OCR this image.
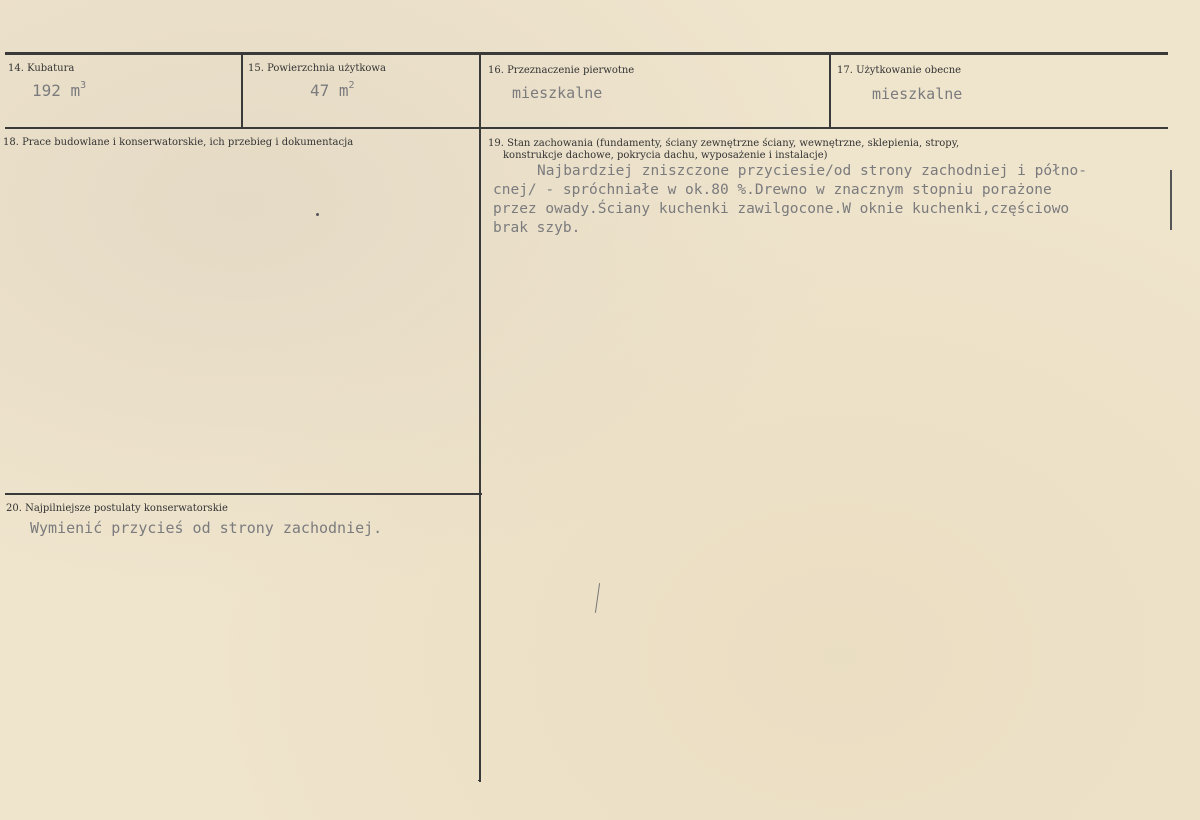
14. Kubatura
192 $m^3$
15. Powierzchnia użytkowa
47 $m^2$
16. Przeznaczenie pierwotne
mieszkalne
17. Użytkowanie obecne
mieszkalne
18. Prace budowlane i konserwatorskie, ich przebieg i dokumentacja	19. Stan zachowania (fundamenty, ściany zewnętrzne ściany, wewnętrzne, sklepienia, stropy,
konstrukcje dachowe, pokrycia dachu, wyposażenie i instalacje)
Najbardziej zniszczone przyciesie/od strony zachodniej i półno-
cnej/ - spróchniałe w ok.80 %.Drewno w znacznym stopniu porażone
przez owady.Ściany kuchenki zawilgocone.W oknie kuchenki,częściowo
brak szyb.
20. Najpilniejsze postulaty konserwatorskie
Wymienić przycieś od strony zachodniej.
